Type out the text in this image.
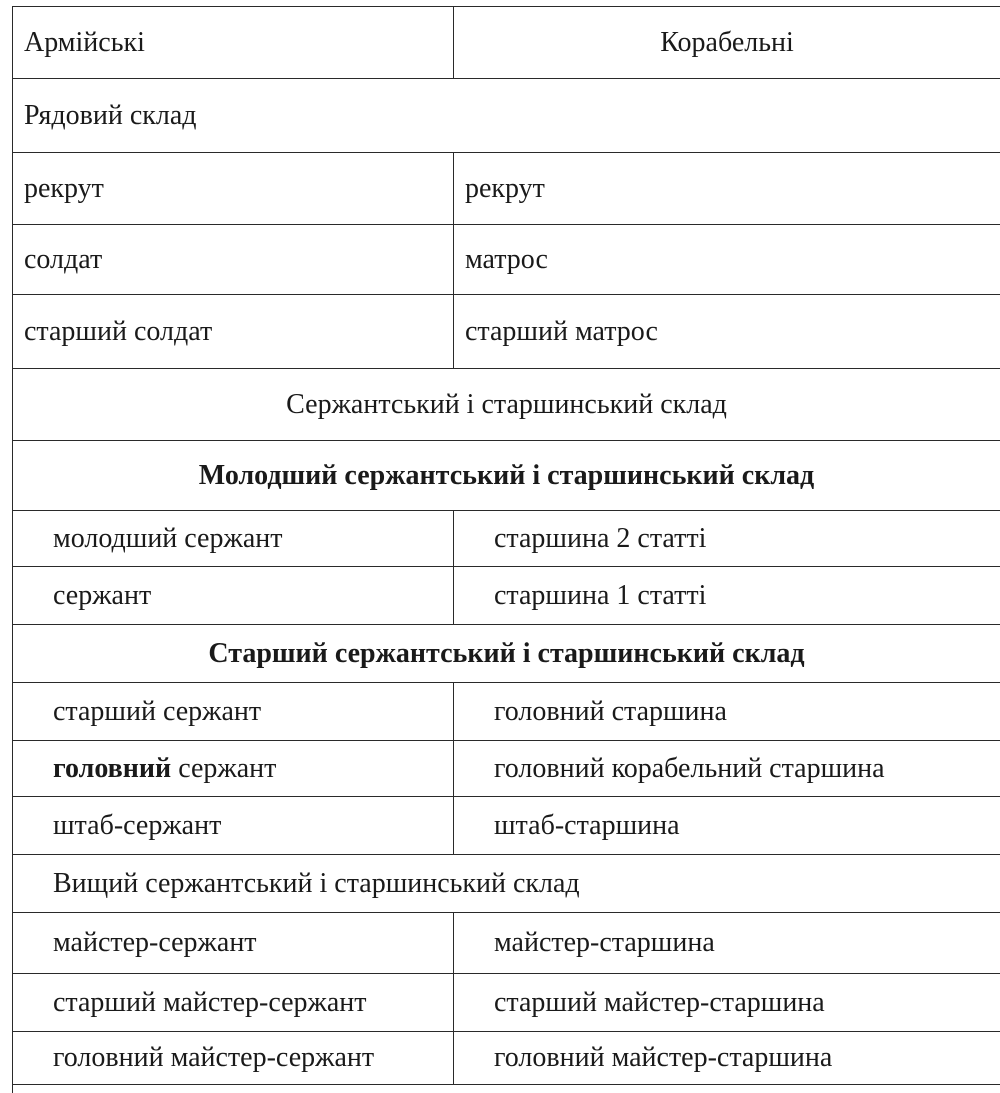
Армійські	Корабельні
Рядовий склад	
рекрут	рекрут
солдат	матрос
старший солдат	старший матрос
Сержантський і старшинський склад	
Молодший сержантський і старшинський склад	
молодший сержант	старшина 2 статті
сержант	старшина 1 статті
Старший сержантський і старшинський склад	
старший сержант	головний старшина
головний сержант	головний корабельний старшина
штаб-сержант	штаб-старшина
Вищий сержантський і старшинський склад	
майстер-сержант	майстер-старшина
старший майстер-сержант	старший майстер-старшина
головний майстер-сержант	головний майстер-старшина
